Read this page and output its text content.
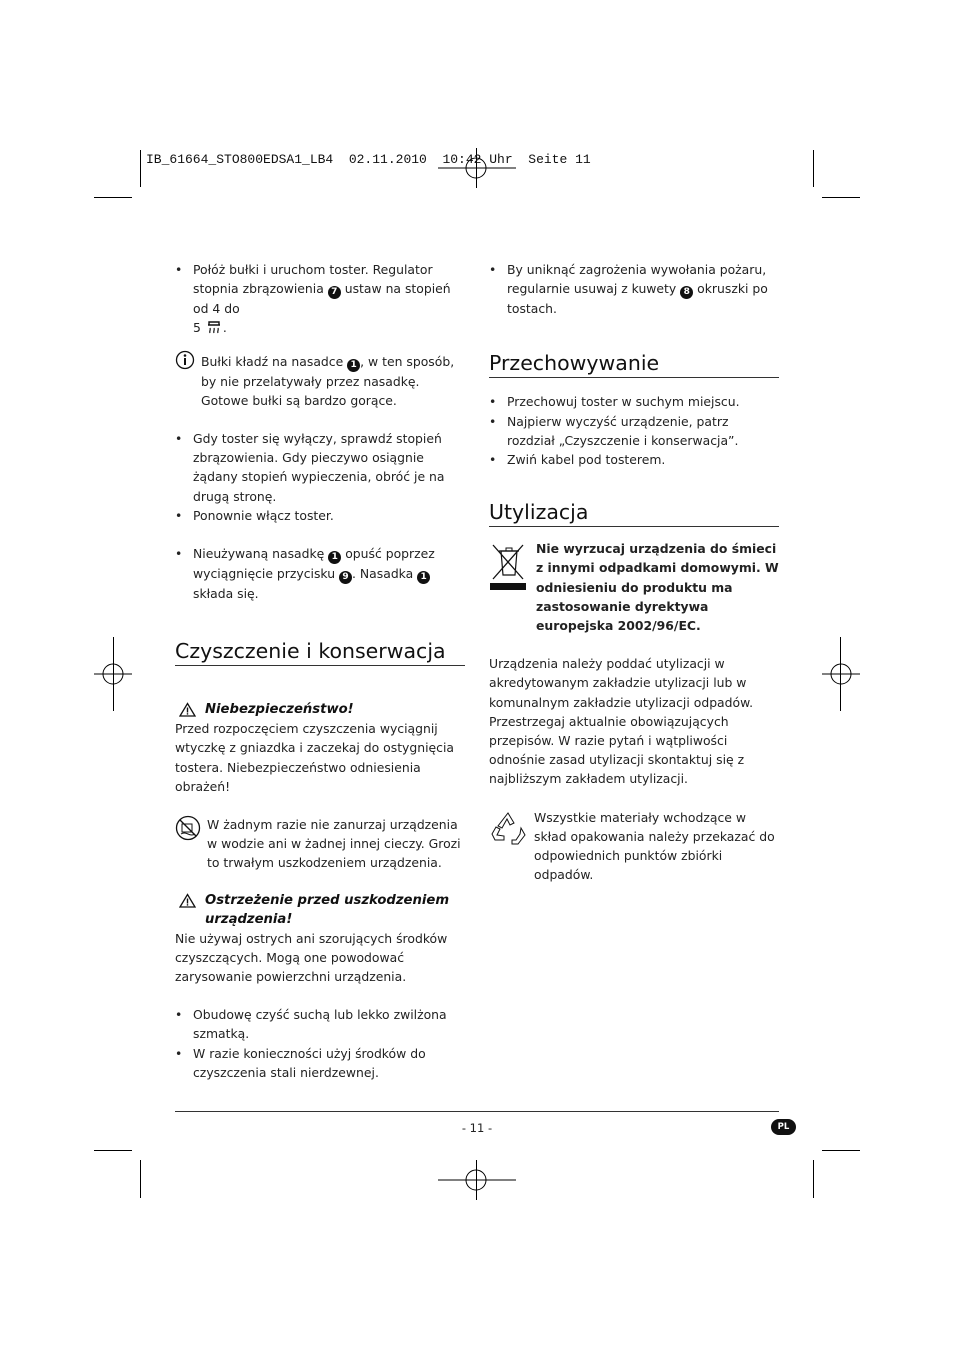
IB_61664_STO800EDSA1_LB4  02.11.2010  10:42 Uhr  Seite 11
• Połóż bułki i uruchom toster. Regulator stopnia zbrązowienia 7 ustaw na stopień od 4 do
5 .

Bułki kładź na nasadce 1 , w ten sposób, by nie przelatywały przez nasadkę. Gotowe bułki są bardzo gorące.

• Gdy toster się wyłączy, sprawdź stopień zbrązowienia. Gdy pieczywo osiągnie żądany stopień wypieczenia, obróć je na drugą stronę.
• Ponownie włącz toster.
• Nieużywaną nasadkę 1 opuść poprzez wyciągnięcie przycisku 9 . Nasadka 1 składa się.
Czyszczenie i konserwacja
Niebezpieczeństwo!

Przed rozpoczęciem czyszczenia wyciągnij wtyczkę z gniazdka i zaczekaj do ostygnięcia tostera. Niebezpieczeństwo odniesienia obrażeń!

W żadnym razie nie zanurzaj urządzenia w wodzie ani w żadnej innej cieczy. Grozi to trwałym uszkodzeniem urządzenia.

Ostrzeżenie przed uszkodzeniem urządzenia!

Nie używaj ostrych ani szorujących środków czyszczących. Mogą one powodować zarysowanie powierzchni urządzenia.

• Obudowę czyść suchą lub lekko zwilżona szmatką.
• W razie konieczności użyj środków do czyszczenia stali nierdzewnej.
• By uniknąć zagrożenia wywołania pożaru, regularnie usuwaj z kuwety 8 okruszki po tostach.
Przechowywanie
• Przechowuj toster w suchym miejscu.
• Najpierw wyczyść urządzenie, patrz rozdział „Czyszczenie i konserwacja”.
• Zwiń kabel pod tosterem.
Utylizacja

Nie wyrzucaj urządzenia do śmieci z innymi odpadkami domowymi. W odniesieniu do produktu ma zastosowanie dyrektywa europejska 2002/96/EC.

Urządzenia należy poddać utylizacji w akredytowanym zakładzie utylizacji lub w komunalnym zakładzie utylizacji odpadów.

Przestrzegaj aktualnie obowiązujących przepisów. W razie pytań i wątpliwości odnośnie zasad utylizacji skontaktuj się z najbliższym zakładem utylizacji.

Wszystkie materiały wchodzące w skład opakowania należy przekazać do odpowiednich punktów zbiórki odpadów.

- 11 -	PL
